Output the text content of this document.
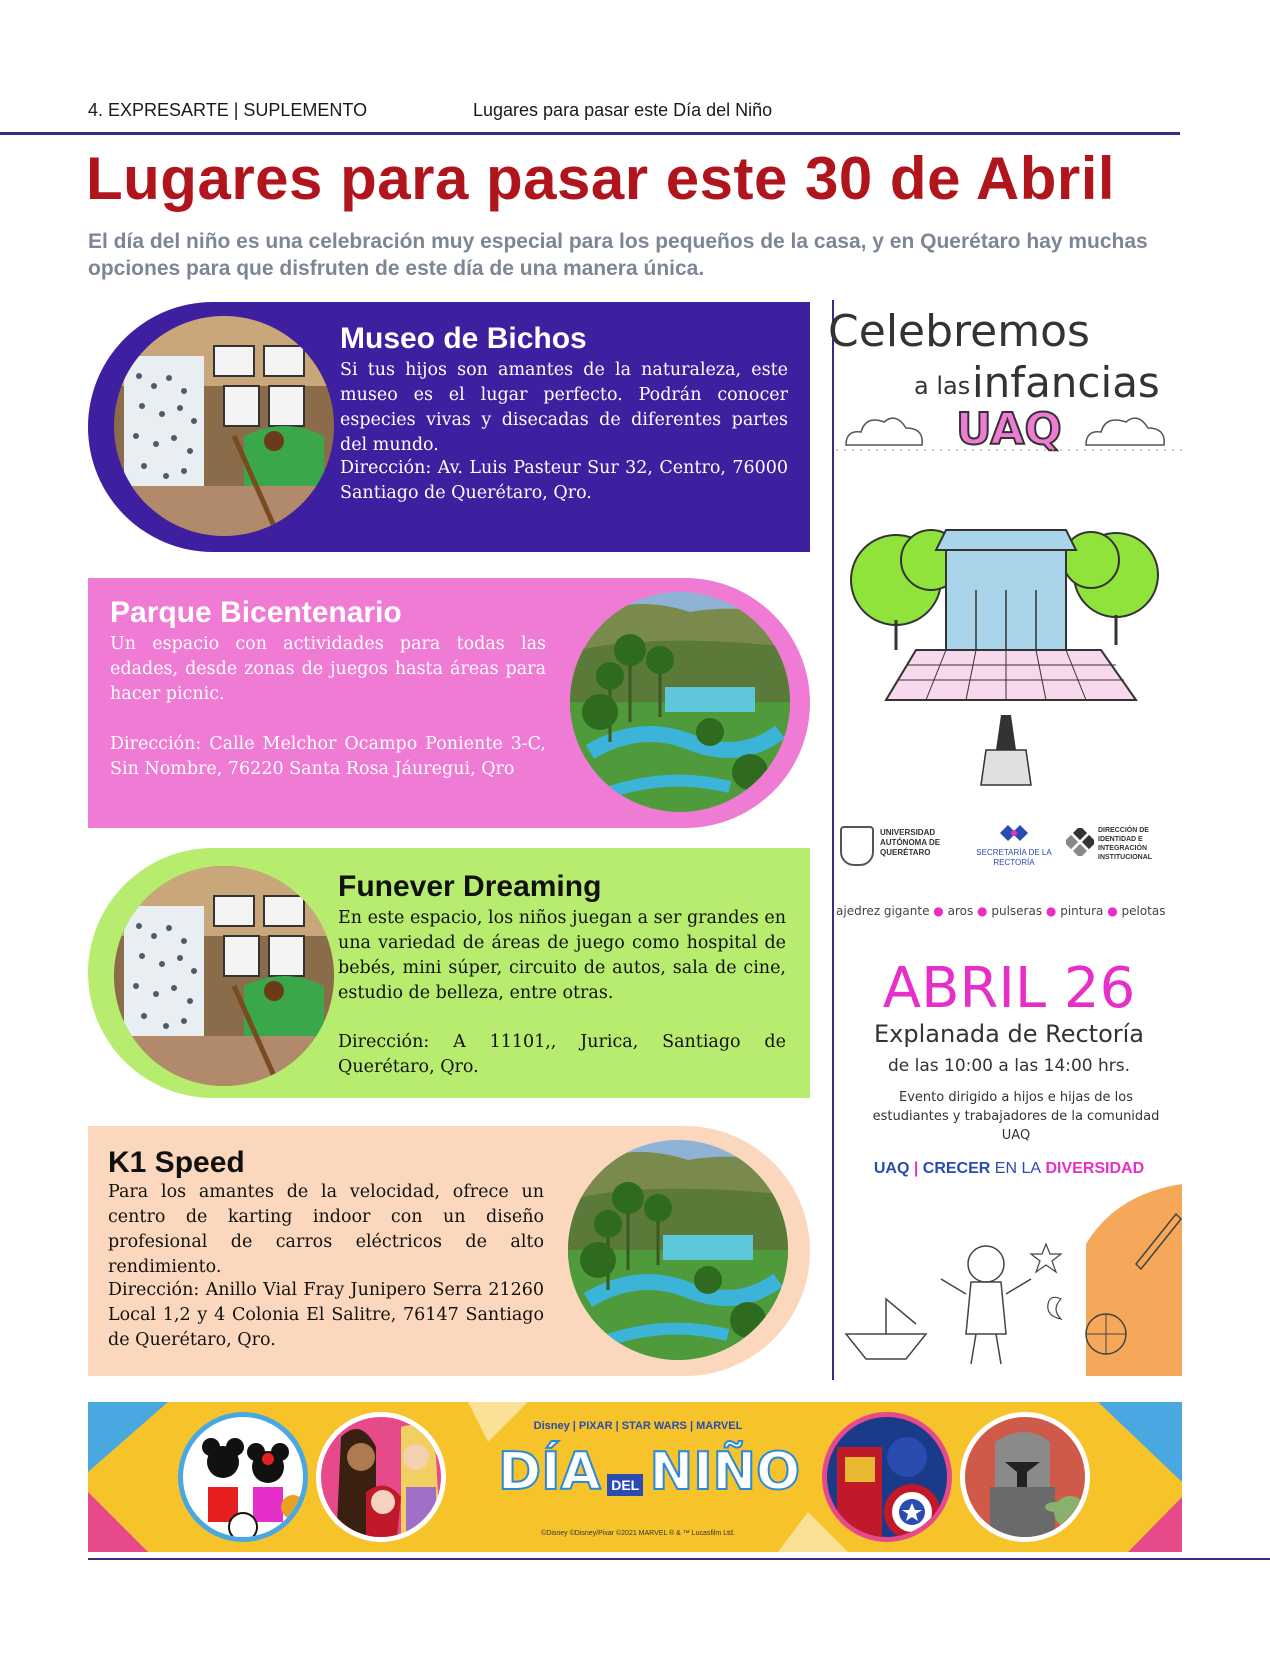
4. EXPRESARTE | SUPLEMENTO	Lugares para pasar este Día del Niño
Lugares para pasar este 30 de Abril

El día del niño es una celebración muy especial para los pequeños de la casa, y en Querétaro hay muchas opciones para que disfruten de este día de una manera única.

Museo de Bichos
Si tus hijos son amantes de la naturaleza, este museo es el lugar perfecto. Podrán conocer especies vivas y disecadas de diferentes partes del mundo.
Dirección: Av. Luis Pasteur Sur 32, Centro, 76000 Santiago de Querétaro, Qro.
Parque Bicentenario
Un espacio con actividades para todas las edades, desde zonas de juegos hasta áreas para hacer picnic.
Dirección: Calle Melchor Ocampo Poniente 3-C, Sin Nombre, 76220 Santa Rosa Jáuregui, Qro
Funever Dreaming
En este espacio, los niños juegan a ser grandes en una variedad de áreas de juego como hospital de bebés, mini súper, circuito de autos, sala de cine, estudio de belleza, entre otras.
Dirección: A 11101,, Jurica, Santiago de Querétaro, Qro.
K1 Speed
Para los amantes de la velocidad, ofrece un centro de karting indoor con un diseño profesional de carros eléctricos de alto rendimiento.
Dirección: Anillo Vial Fray Junipero Serra 21260 Local 1,2 y 4 Colonia El Salitre, 76147 Santiago de Querétaro, Qro.
Celebremos
a las infancias
UAQ
UNIVERSIDAD AUTÓNOMA DE QUERÉTARO	SECRETARÍA DE LA RECTORÍA
DIRECCIÓN DE IDENTIDAD E INTEGRACIÓN INSTITUCIONAL
ajedrez gigante ● aros ● pulseras ● pintura ● pelotas
ABRIL 26
Explanada de Rectoría
de las 10:00 a las 14:00 hrs.
Evento dirigido a hijos e hijas de los estudiantes y trabajadores de la comunidad UAQ
UAQ | CRECER EN LA DIVERSIDAD
Disney | PIXAR | STAR WARS | MARVEL
DÍA DEL NIÑO
©Disney ©Disney/Pixar ©2021 MARVEL ® & ™ Lucasfilm Ltd.
